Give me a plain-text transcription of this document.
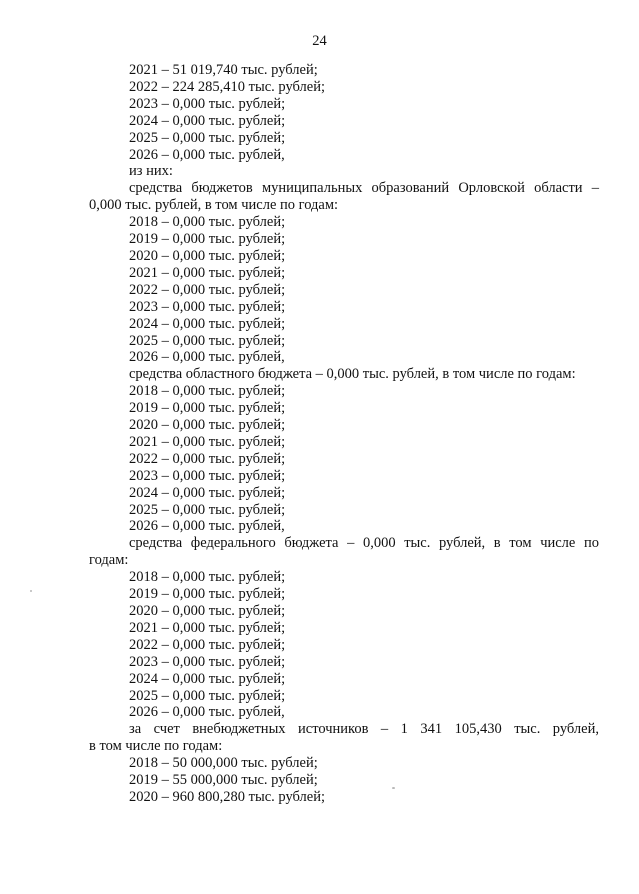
24
2021 – 51 019,740 тыс. рублей;
2022 – 224 285,410 тыс. рублей;
2023 – 0,000 тыс. рублей;
2024 – 0,000 тыс. рублей;
2025 – 0,000 тыс. рублей;
2026 – 0,000 тыс. рублей,
из них:
средства бюджетов муниципальных образований Орловской области –
0,000 тыс. рублей, в том числе по годам:
2018 – 0,000 тыс. рублей;
2019 – 0,000 тыс. рублей;
2020 – 0,000 тыс. рублей;
2021 – 0,000 тыс. рублей;
2022 – 0,000 тыс. рублей;
2023 – 0,000 тыс. рублей;
2024 – 0,000 тыс. рублей;
2025 – 0,000 тыс. рублей;
2026 – 0,000 тыс. рублей,
средства областного бюджета – 0,000 тыс. рублей, в том числе по годам:
2018 – 0,000 тыс. рублей;
2019 – 0,000 тыс. рублей;
2020 – 0,000 тыс. рублей;
2021 – 0,000 тыс. рублей;
2022 – 0,000 тыс. рублей;
2023 – 0,000 тыс. рублей;
2024 – 0,000 тыс. рублей;
2025 – 0,000 тыс. рублей;
2026 – 0,000 тыс. рублей,
средства федерального бюджета – 0,000 тыс. рублей, в том числе по
годам:
2018 – 0,000 тыс. рублей;
2019 – 0,000 тыс. рублей;
2020 – 0,000 тыс. рублей;
2021 – 0,000 тыс. рублей;
2022 – 0,000 тыс. рублей;
2023 – 0,000 тыс. рублей;
2024 – 0,000 тыс. рублей;
2025 – 0,000 тыс. рублей;
2026 – 0,000 тыс. рублей,
за счет внебюджетных источников – 1 341 105,430 тыс. рублей,
в том числе по годам:
2018 – 50 000,000 тыс. рублей;
2019 – 55 000,000 тыс. рублей;
2020 – 960 800,280 тыс. рублей;
